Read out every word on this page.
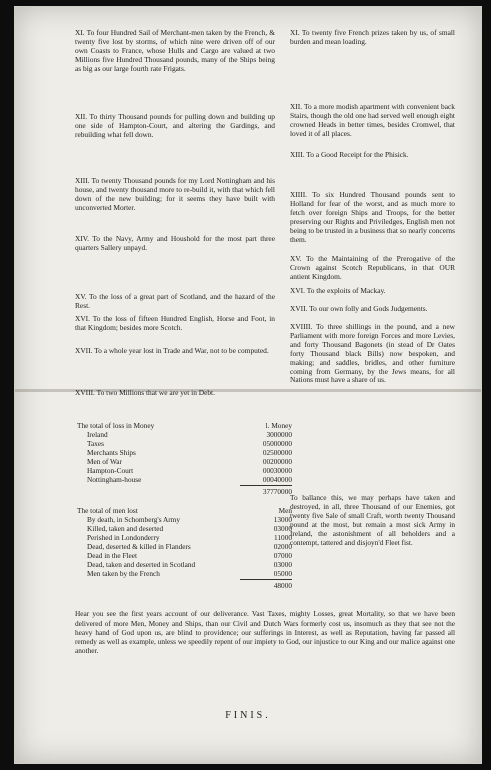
XI. To four Hundred Sail of Merchant-men taken by the French, & twenty five lost by storms, of which nine were driven off of our own Coasts to France, whose Hulls and Cargo are valued at two Millions five Hundred Thousand pounds, many of the Ships being as big as our large fourth rate Frigats.

XII. To thirty Thousand pounds for pulling down and building up one side of Hampton-Court, and altering the Gardings, and rebuilding what fell down.

XIII. To twenty Thousand pounds for my Lord Nottingham and his house, and twenty thousand more to re-build it, with that which fell down of the new building; for it seems they have built with unconverted Morter.

XIV. To the Navy, Army and Houshold for the most part three quarters Sallery unpayd.

XV. To the loss of a great part of Scotland, and the hazard of the Rest.

XVI. To the loss of fifteen Hundred English, Horse and Foot, in that Kingdom; besides more Scotch.

XVII. To a whole year lost in Trade and War, not to be computed.

XVIII. To two Millions that we are yet in Debt.

XI. To twenty five French prizes taken by us, of small burden and mean loading.

XII. To a more modish apartment with convenient back Stairs, though the old one had served well enough eight crowned Heads in better times, besides Cromwel, that loved it of all places.

XIII. To a Good Receipt for the Phisick.

XIIII. To six Hundred Thousand pounds sent to Holland for fear of the worst, and as much more to fetch over foreign Ships and Troops, for the better preserving our Rights and Priviledges, English men not being to be trusted in a business that so nearly concerns them.

XV. To the Maintaining of the Prerogative of the Crown against Scotch Republicans, in that OUR antient Kingdom.

XVI. To the exploits of Mackay.

XVII. To our own folly and Gods Judgements.

XVIIII. To three shillings in the pound, and a new Parliament with more foreign Forces and more Levies, and forty Thousand Bagonets (in stead of Dr Oates forty Thousand black Bills) now bespoken, and making; and saddles, bridles, and other furniture coming from Germany, by the Jews means, for all Nations must have a share of us.

The total of loss in Money	l. Money
Ireland	3000000
Taxes	05000000
Merchants Ships	02500000
Men of War	00200000
Hampton-Court	00030000
Nottingham-house	00040000
37770000
The total of men lost	Men
By death, in Schomberg's Army	13000
Killed, taken and deserted	03000
Perished in Londonderry	11000
Dead, deserted & killed in Flanders	02000
Dead in the Fleet	07000
Dead, taken and deserted in Scotland	03000
Men taken by the French	05000
48000

To ballance this, we may perhaps have taken and destroyed, in all, three Thousand of our Enemies, got twenty five Sale of small Craft, worth twenty Thousand pound at the most, but remain a most sick Army in Ireland, the astonishment of all beholders and a contempt, tattered and disjoyn'd Fleet fist.

Hear you see the first years account of our deliverance. Vast Taxes, mighty Losses, great Mortality, so that we have been delivered of more Men, Money and Ships, than our Civil and Dutch Wars formerly cost us, insomuch as they that see not the heavy hand of God upon us, are blind to providence; our sufferings in Interest, as well as Reputation, having far passed all remedy as well as example, unless we speedily repent of our impiety to God, our injustice to our King and our malice against one another.

FINIS.
